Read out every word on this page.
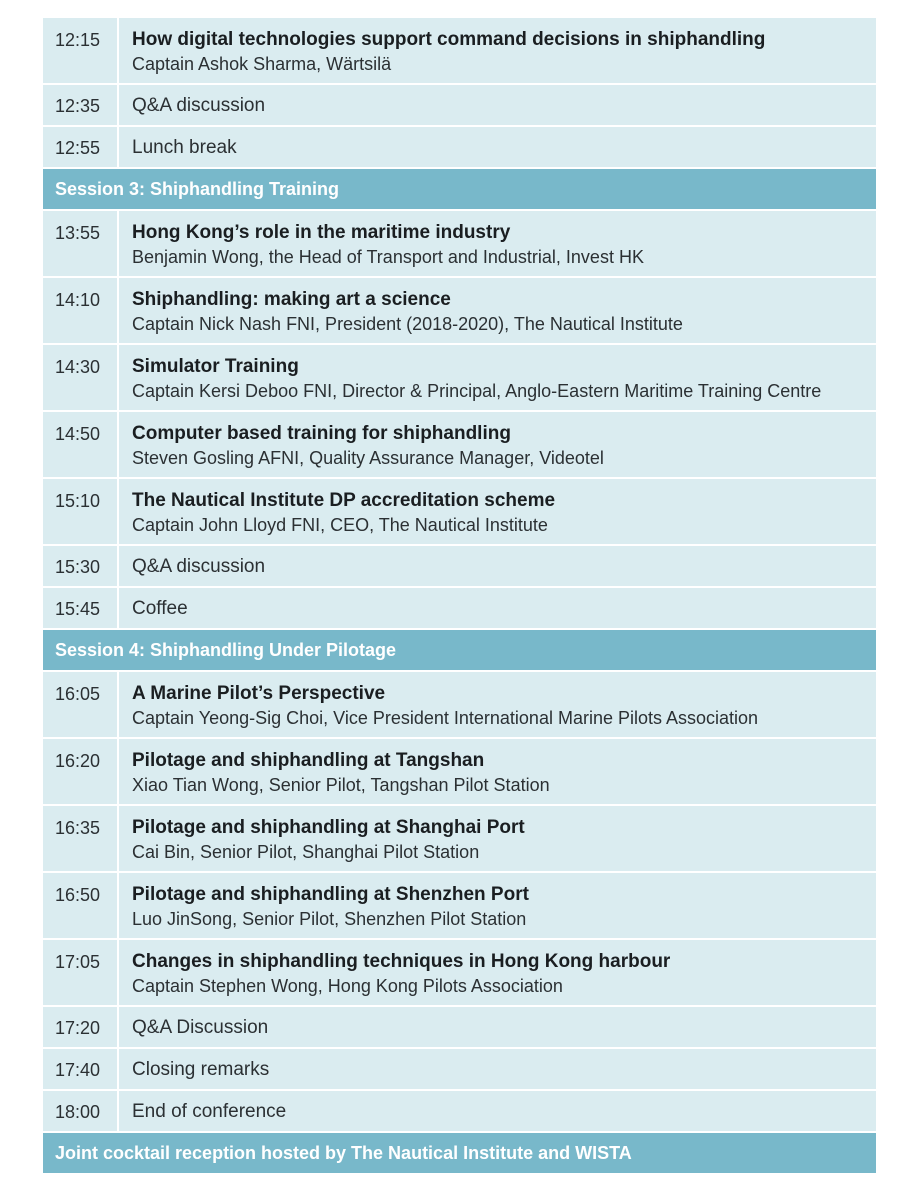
12:15	How digital technologies support command decisions in shiphandling
Captain Ashok Sharma, Wärtsilä
12:35	Q&A discussion
12:55	Lunch break
Session 3: Shiphandling Training
13:55	Hong Kong’s role in the maritime industry
Benjamin Wong, the Head of Transport and Industrial, Invest HK
14:10	Shiphandling: making art a science
Captain Nick Nash FNI, President (2018-2020), The Nautical Institute
14:30	Simulator Training
Captain Kersi Deboo FNI, Director & Principal, Anglo-Eastern Maritime Training Centre
14:50	Computer based training for shiphandling
Steven Gosling AFNI, Quality Assurance Manager, Videotel
15:10	The Nautical Institute DP accreditation scheme
Captain John Lloyd FNI, CEO, The Nautical Institute
15:30	Q&A discussion
15:45	Coffee
Session 4: Shiphandling Under Pilotage
16:05	A Marine Pilot’s Perspective
Captain Yeong-Sig Choi, Vice President International Marine Pilots Association
16:20	Pilotage and shiphandling at Tangshan
Xiao Tian Wong, Senior Pilot, Tangshan Pilot Station
16:35	Pilotage and shiphandling at Shanghai Port
Cai Bin, Senior Pilot, Shanghai Pilot Station
16:50	Pilotage and shiphandling at Shenzhen Port
Luo JinSong, Senior Pilot, Shenzhen Pilot Station
17:05	Changes in shiphandling techniques in Hong Kong harbour
Captain Stephen Wong, Hong Kong Pilots Association
17:20	Q&A Discussion
17:40	Closing remarks
18:00	End of conference
Joint cocktail reception hosted by The Nautical Institute and WISTA
